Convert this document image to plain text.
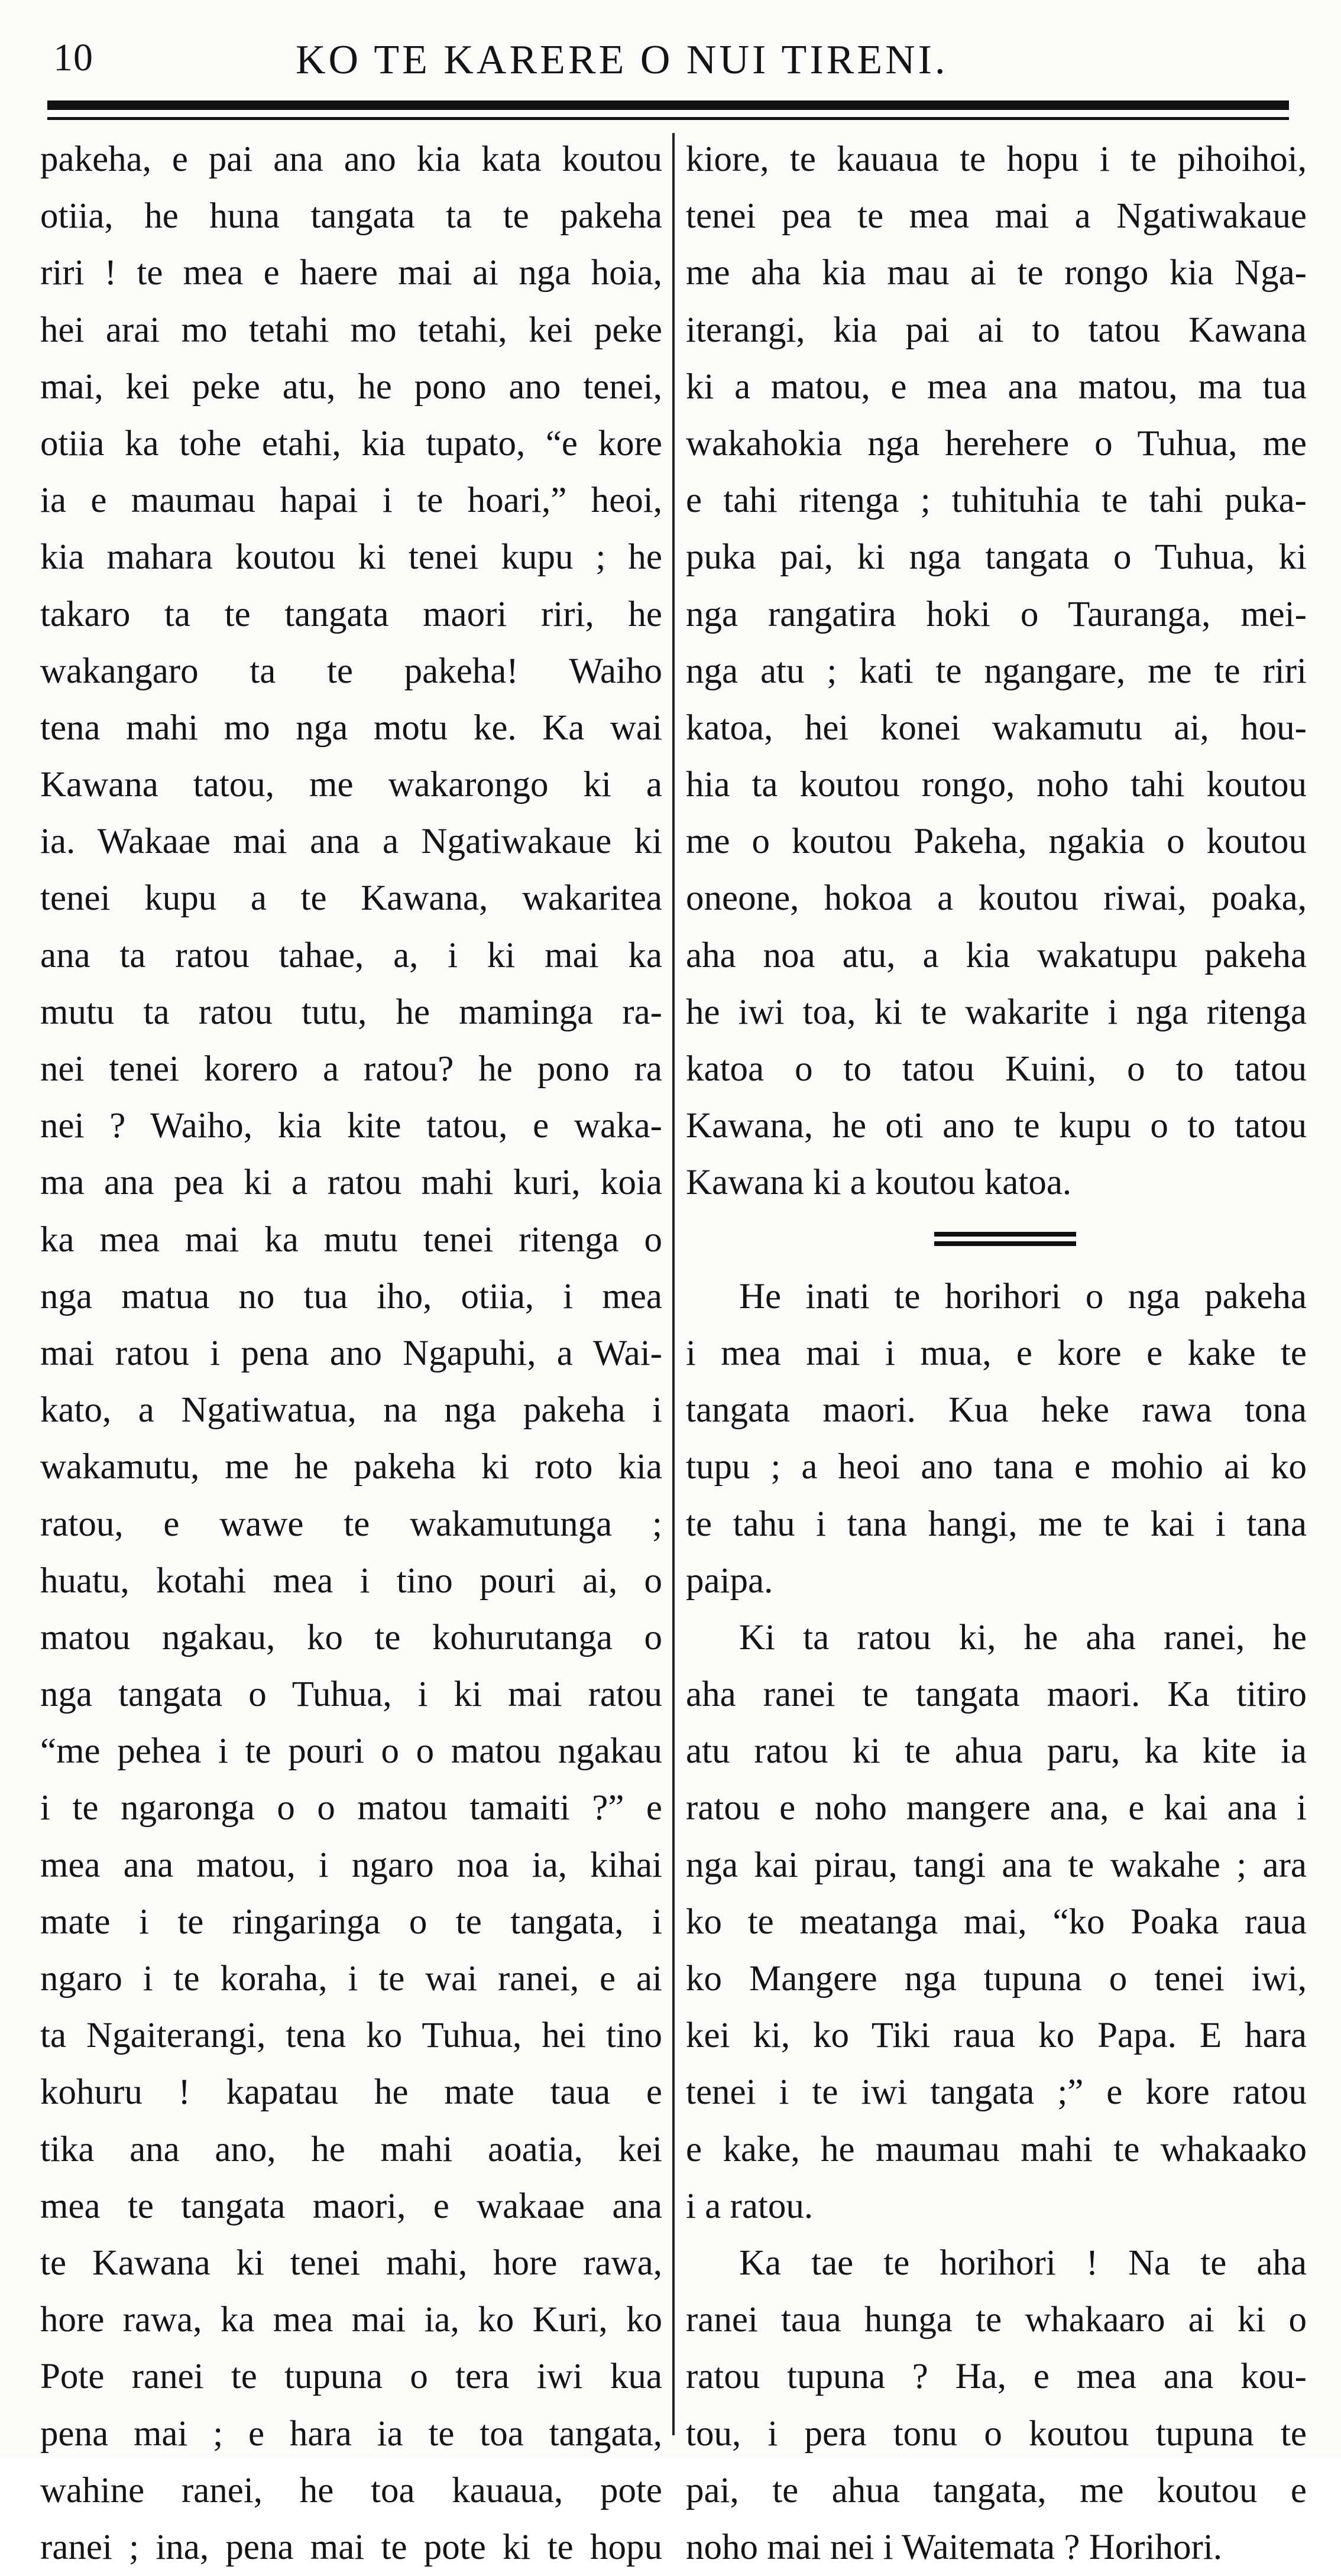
10	KO TE KARERE O NUI TIRENI.
pakeha, e pai ana ano kia kata koutou
otiia, he huna tangata ta te pakeha
riri ! te mea e haere mai ai nga hoia,
hei arai mo tetahi mo tetahi, kei peke
mai, kei peke atu, he pono ano tenei,
otiia ka tohe etahi, kia tupato, “e kore
ia e maumau hapai i te hoari,” heoi,
kia mahara koutou ki tenei kupu ; he
takaro ta te tangata maori riri, he
wakangaro ta te pakeha! Waiho
tena mahi mo nga motu ke. Ka wai
Kawana tatou, me wakarongo ki a
ia. Wakaae mai ana a Ngatiwakaue ki
tenei kupu a te Kawana, wakaritea
ana ta ratou tahae, a, i ki mai ka
mutu ta ratou tutu, he maminga ra-
nei tenei korero a ratou? he pono ra
nei ? Waiho, kia kite tatou, e waka-
ma ana pea ki a ratou mahi kuri, koia
ka mea mai ka mutu tenei ritenga o
nga matua no tua iho, otiia, i mea
mai ratou i pena ano Ngapuhi, a Wai-
kato, a Ngatiwatua, na nga pakeha i
wakamutu, me he pakeha ki roto kia
ratou, e wawe te wakamutunga ;
huatu, kotahi mea i tino pouri ai, o
matou ngakau, ko te kohurutanga o
nga tangata o Tuhua, i ki mai ratou
“me pehea i te pouri o o matou ngakau
i te ngaronga o o matou tamaiti ?” e
mea ana matou, i ngaro noa ia, kihai
mate i te ringaringa o te tangata, i
ngaro i te koraha, i te wai ranei, e ai
ta Ngaiterangi, tena ko Tuhua, hei tino
kohuru ! kapatau he mate taua e
tika ana ano, he mahi aoatia, kei
mea te tangata maori, e wakaae ana
te Kawana ki tenei mahi, hore rawa,
hore rawa, ka mea mai ia, ko Kuri, ko
Pote ranei te tupuna o tera iwi kua
pena mai ; e hara ia te toa tangata,
wahine ranei, he toa kauaua, pote
ranei ; ina, pena mai te pote ki te hopu
kiore, te kauaua te hopu i te pihoihoi,
tenei pea te mea mai a Ngatiwakaue
me aha kia mau ai te rongo kia Nga-
iterangi, kia pai ai to tatou Kawana
ki a matou, e mea ana matou, ma tua
wakahokia nga herehere o Tuhua, me
e tahi ritenga ; tuhituhia te tahi puka-
puka pai, ki nga tangata o Tuhua, ki
nga rangatira hoki o Tauranga, mei-
nga atu ; kati te ngangare, me te riri
katoa, hei konei wakamutu ai, hou-
hia ta koutou rongo, noho tahi koutou
me o koutou Pakeha, ngakia o koutou
oneone, hokoa a koutou riwai, poaka,
aha noa atu, a kia wakatupu pakeha
he iwi toa, ki te wakarite i nga ritenga
katoa o to tatou Kuini, o to tatou
Kawana, he oti ano te kupu o to tatou
Kawana ki a koutou katoa.
He inati te horihori o nga pakeha
i mea mai i mua, e kore e kake te
tangata maori. Kua heke rawa tona
tupu ; a heoi ano tana e mohio ai ko
te tahu i tana hangi, me te kai i tana
paipa.
Ki ta ratou ki, he aha ranei, he
aha ranei te tangata maori. Ka titiro
atu ratou ki te ahua paru, ka kite ia
ratou e noho mangere ana, e kai ana i
nga kai pirau, tangi ana te wakahe ; ara
ko te meatanga mai, “ko Poaka raua
ko Mangere nga tupuna o tenei iwi,
kei ki, ko Tiki raua ko Papa. E hara
tenei i te iwi tangata ;” e kore ratou
e kake, he maumau mahi te whakaako
i a ratou.
Ka tae te horihori ! Na te aha
ranei taua hunga te whakaaro ai ki o
ratou tupuna ? Ha, e mea ana kou-
tou, i pera tonu o koutou tupuna te
pai, te ahua tangata, me koutou e
noho mai nei i Waitemata ? Horihori.
